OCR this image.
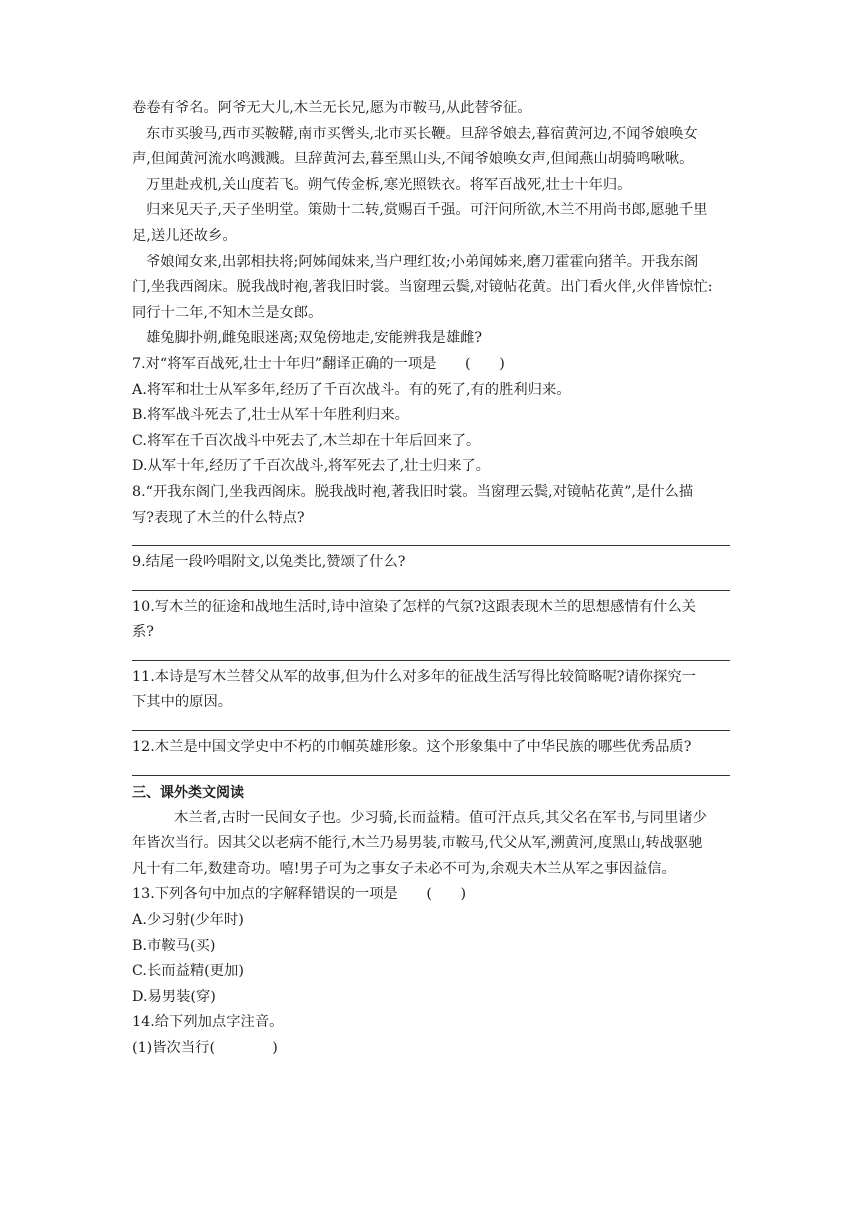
卷卷有爷名。阿爷无大儿,木兰无长兄,愿为市鞍马,从此替爷征。

东市买骏马,西市买鞍鞯,南市买辔头,北市买长鞭。旦辞爷娘去,暮宿黄河边,不闻爷娘唤女

声,但闻黄河流水鸣溅溅。旦辞黄河去,暮至黑山头,不闻爷娘唤女声,但闻燕山胡骑鸣啾啾。

万里赴戎机,关山度若飞。朔气传金柝,寒光照铁衣。将军百战死,壮士十年归。

归来见天子,天子坐明堂。策勋十二转,赏赐百千强。可汗问所欲,木兰不用尚书郎,愿驰千里

足,送儿还故乡。

爷娘闻女来,出郭相扶将;阿姊闻妹来,当户理红妆;小弟闻姊来,磨刀霍霍向猪羊。开我东阁

门,坐我西阁床。脱我战时袍,著我旧时裳。当窗理云鬓,对镜帖花黄。出门看火伴,火伴皆惊忙:

同行十二年,不知木兰是女郎。

雄兔脚扑朔,雌兔眼迷离;双兔傍地走,安能辨我是雄雌?

7.对“将军百战死,壮士十年归”翻译正确的一项是　　(　　)

A.将军和壮士从军多年,经历了千百次战斗。有的死了,有的胜利归来。

B.将军战斗死去了,壮士从军十年胜利归来。

C.将军在千百次战斗中死去了,木兰却在十年后回来了。

D.从军十年,经历了千百次战斗,将军死去了,壮士归来了。

8.“开我东阁门,坐我西阁床。脱我战时袍,著我旧时裳。当窗理云鬓,对镜帖花黄”,是什么描

写?表现了木兰的什么特点?

9.结尾一段吟唱附文,以兔类比,赞颂了什么?

10.写木兰的征途和战地生活时,诗中渲染了怎样的气氛?这跟表现木兰的思想感情有什么关

系?

11.本诗是写木兰替父从军的故事,但为什么对多年的征战生活写得比较简略呢?请你探究一

下其中的原因。

12.木兰是中国文学史中不朽的巾帼英雄形象。这个形象集中了中华民族的哪些优秀品质?

三、课外类文阅读

木兰者,古时一民间女子也。少习骑,长而益精。值可汗点兵,其父名在军书,与同里诸少

年皆次当行。因其父以老病不能行,木兰乃易男装,市鞍马,代父从军,溯黄河,度黑山,转战驱驰

凡十有二年,数建奇功。嘻!男子可为之事女子未必不可为,余观夫木兰从军之事因益信。

13.下列各句中加点的字解释错误的一项是　　(　　)

A.少习射(少年时)

B.市鞍马(买)

C.长而益精(更加)

D.易男装(穿)

14.给下列加点字注音。

(1)皆次当行(　　　　)
